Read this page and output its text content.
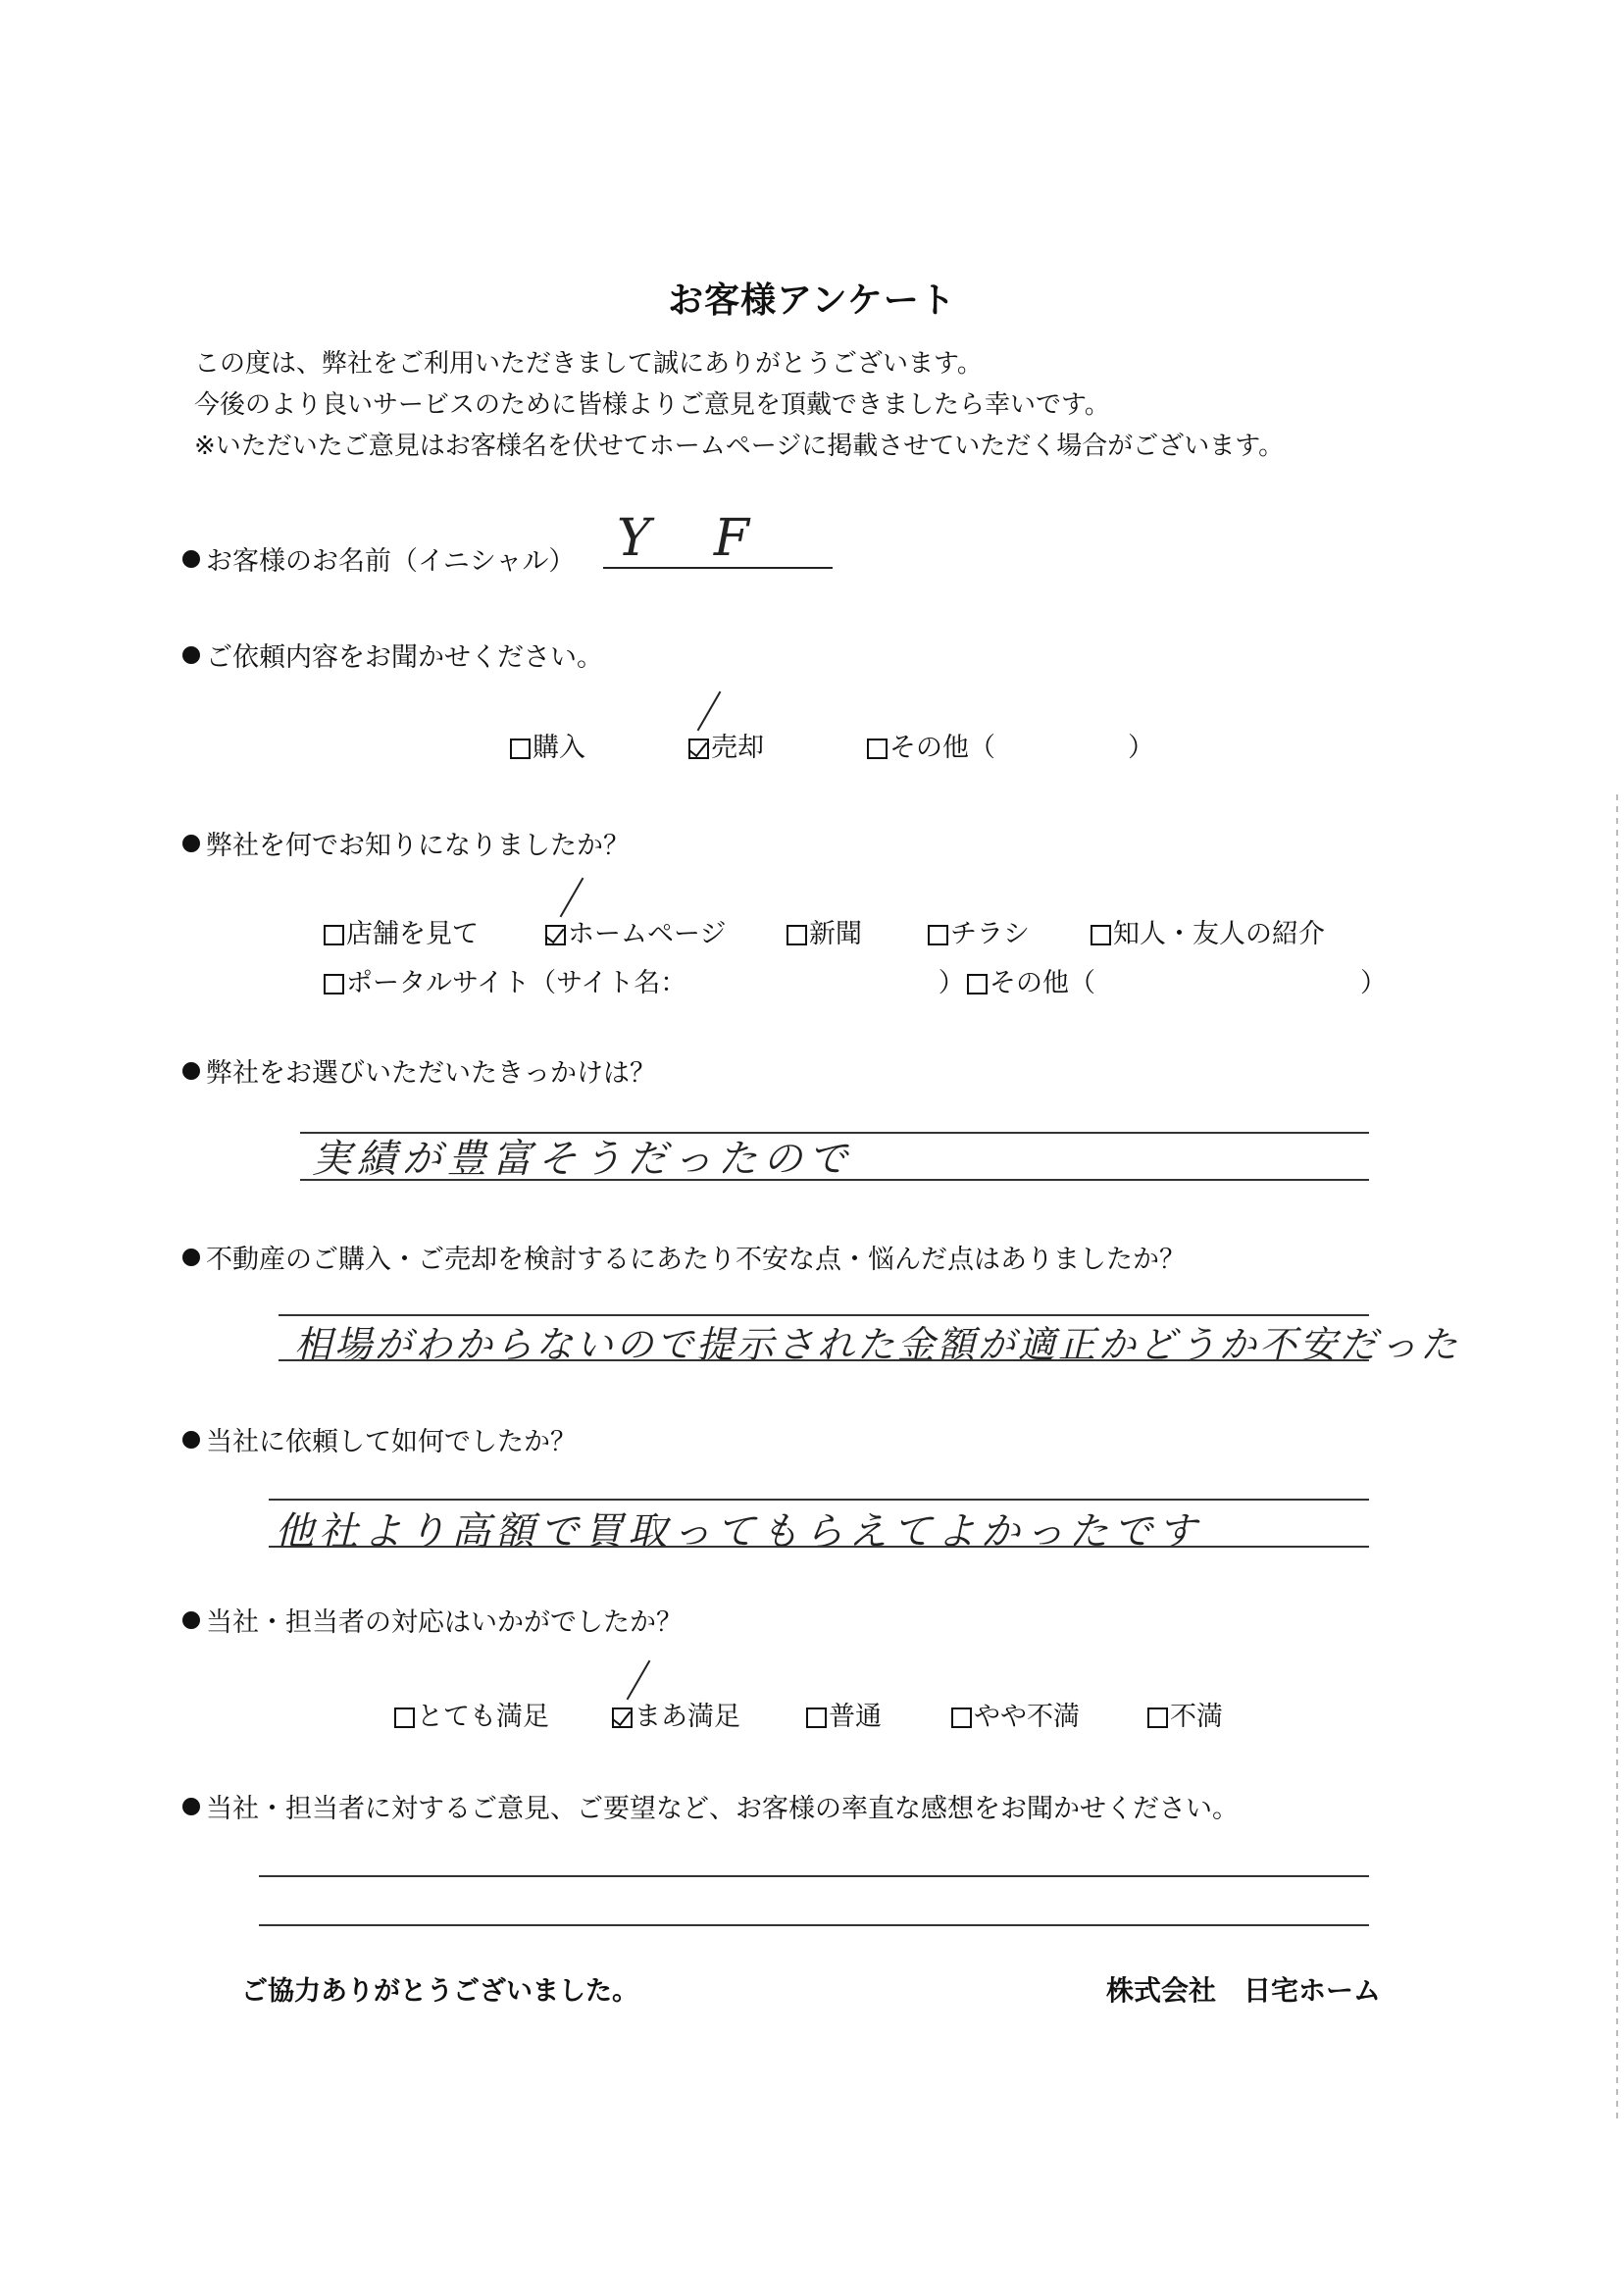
お客様アンケート
この度は、弊社をご利用いただきまして誠にありがとうございます。
今後のより良いサービスのために皆様よりご意見を頂戴できましたら幸いです。
※いただいたご意見はお客様名を伏せてホームページに掲載させていただく場合がございます。
お客様のお名前（イニシャル） Y F
ご依頼内容をお聞かせください。
購入	売却	その他（　　　　　）
弊社を何でお知りになりましたか？
店舗を見て	ホームページ	新聞	チラシ	知人・友人の紹介
ポータルサイト（サイト名：　　　　　　　　　　） その他（　　　　　　　　　　）
弊社をお選びいただいたきっかけは？
実績が豊富そうだったので
不動産のご購入・ご売却を検討するにあたり不安な点・悩んだ点はありましたか？
相場がわからないので提示された金額が適正かどうか不安だった
当社に依頼して如何でしたか？
他社より高額で買取ってもらえてよかったです
当社・担当者の対応はいかがでしたか？
とても満足	まあ満足	普通	やや不満	不満
当社・担当者に対するご意見、ご要望など、お客様の率直な感想をお聞かせください。
ご協力ありがとうございました。	株式会社　日宅ホーム
